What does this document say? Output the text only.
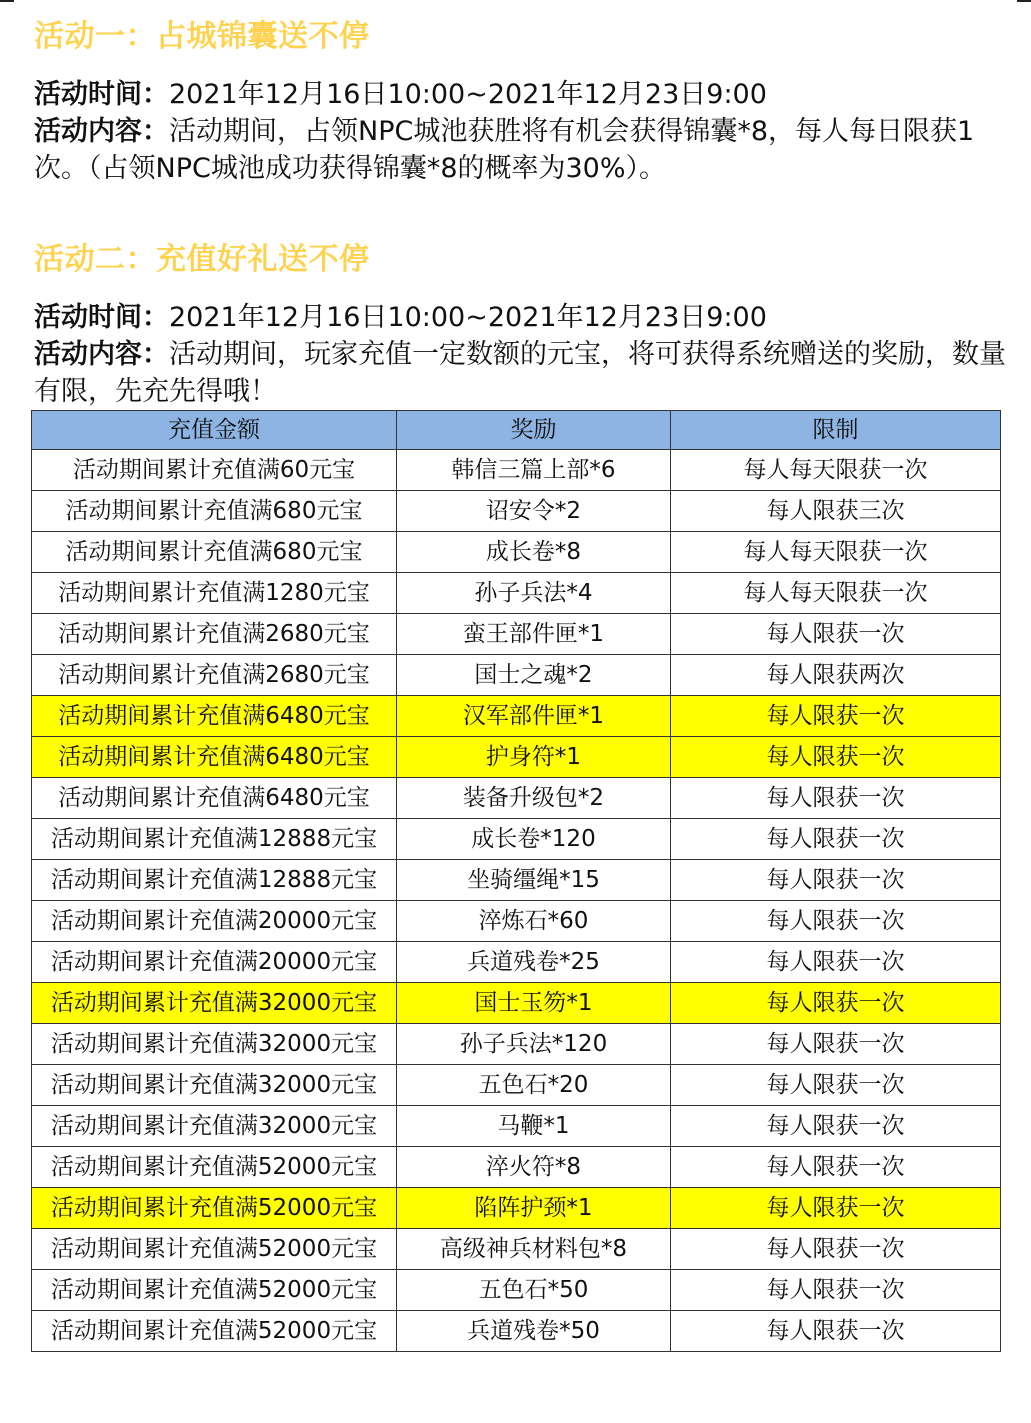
活动一：占城锦囊送不停

活动时间：2021年12月16日10:00~2021年12月23日9:00

活动内容：活动期间，占领NPC城池获胜将有机会获得锦囊*8，每人每日限获1次。（占领NPC城池成功获得锦囊*8的概率为30%）。

活动二：充值好礼送不停

活动时间：2021年12月16日10:00~2021年12月23日9:00

活动内容：活动期间，玩家充值一定数额的元宝，将可获得系统赠送的奖励，数量有限，先充先得哦！

充值金额	奖励	限制
活动期间累计充值满60元宝	韩信三篇上部*6	每人每天限获一次
活动期间累计充值满680元宝	诏安令*2	每人限获三次
活动期间累计充值满680元宝	成长卷*8	每人每天限获一次
活动期间累计充值满1280元宝	孙子兵法*4	每人每天限获一次
活动期间累计充值满2680元宝	蛮王部件匣*1	每人限获一次
活动期间累计充值满2680元宝	国士之魂*2	每人限获两次
活动期间累计充值满6480元宝	汉军部件匣*1	每人限获一次
活动期间累计充值满6480元宝	护身符*1	每人限获一次
活动期间累计充值满6480元宝	装备升级包*2	每人限获一次
活动期间累计充值满12888元宝	成长卷*120	每人限获一次
活动期间累计充值满12888元宝	坐骑缰绳*15	每人限获一次
活动期间累计充值满20000元宝	淬炼石*60	每人限获一次
活动期间累计充值满20000元宝	兵道残卷*25	每人限获一次
活动期间累计充值满32000元宝	国士玉笏*1	每人限获一次
活动期间累计充值满32000元宝	孙子兵法*120	每人限获一次
活动期间累计充值满32000元宝	五色石*20	每人限获一次
活动期间累计充值满32000元宝	马鞭*1	每人限获一次
活动期间累计充值满52000元宝	淬火符*8	每人限获一次
活动期间累计充值满52000元宝	陷阵护颈*1	每人限获一次
活动期间累计充值满52000元宝	高级神兵材料包*8	每人限获一次
活动期间累计充值满52000元宝	五色石*50	每人限获一次
活动期间累计充值满52000元宝	兵道残卷*50	每人限获一次
